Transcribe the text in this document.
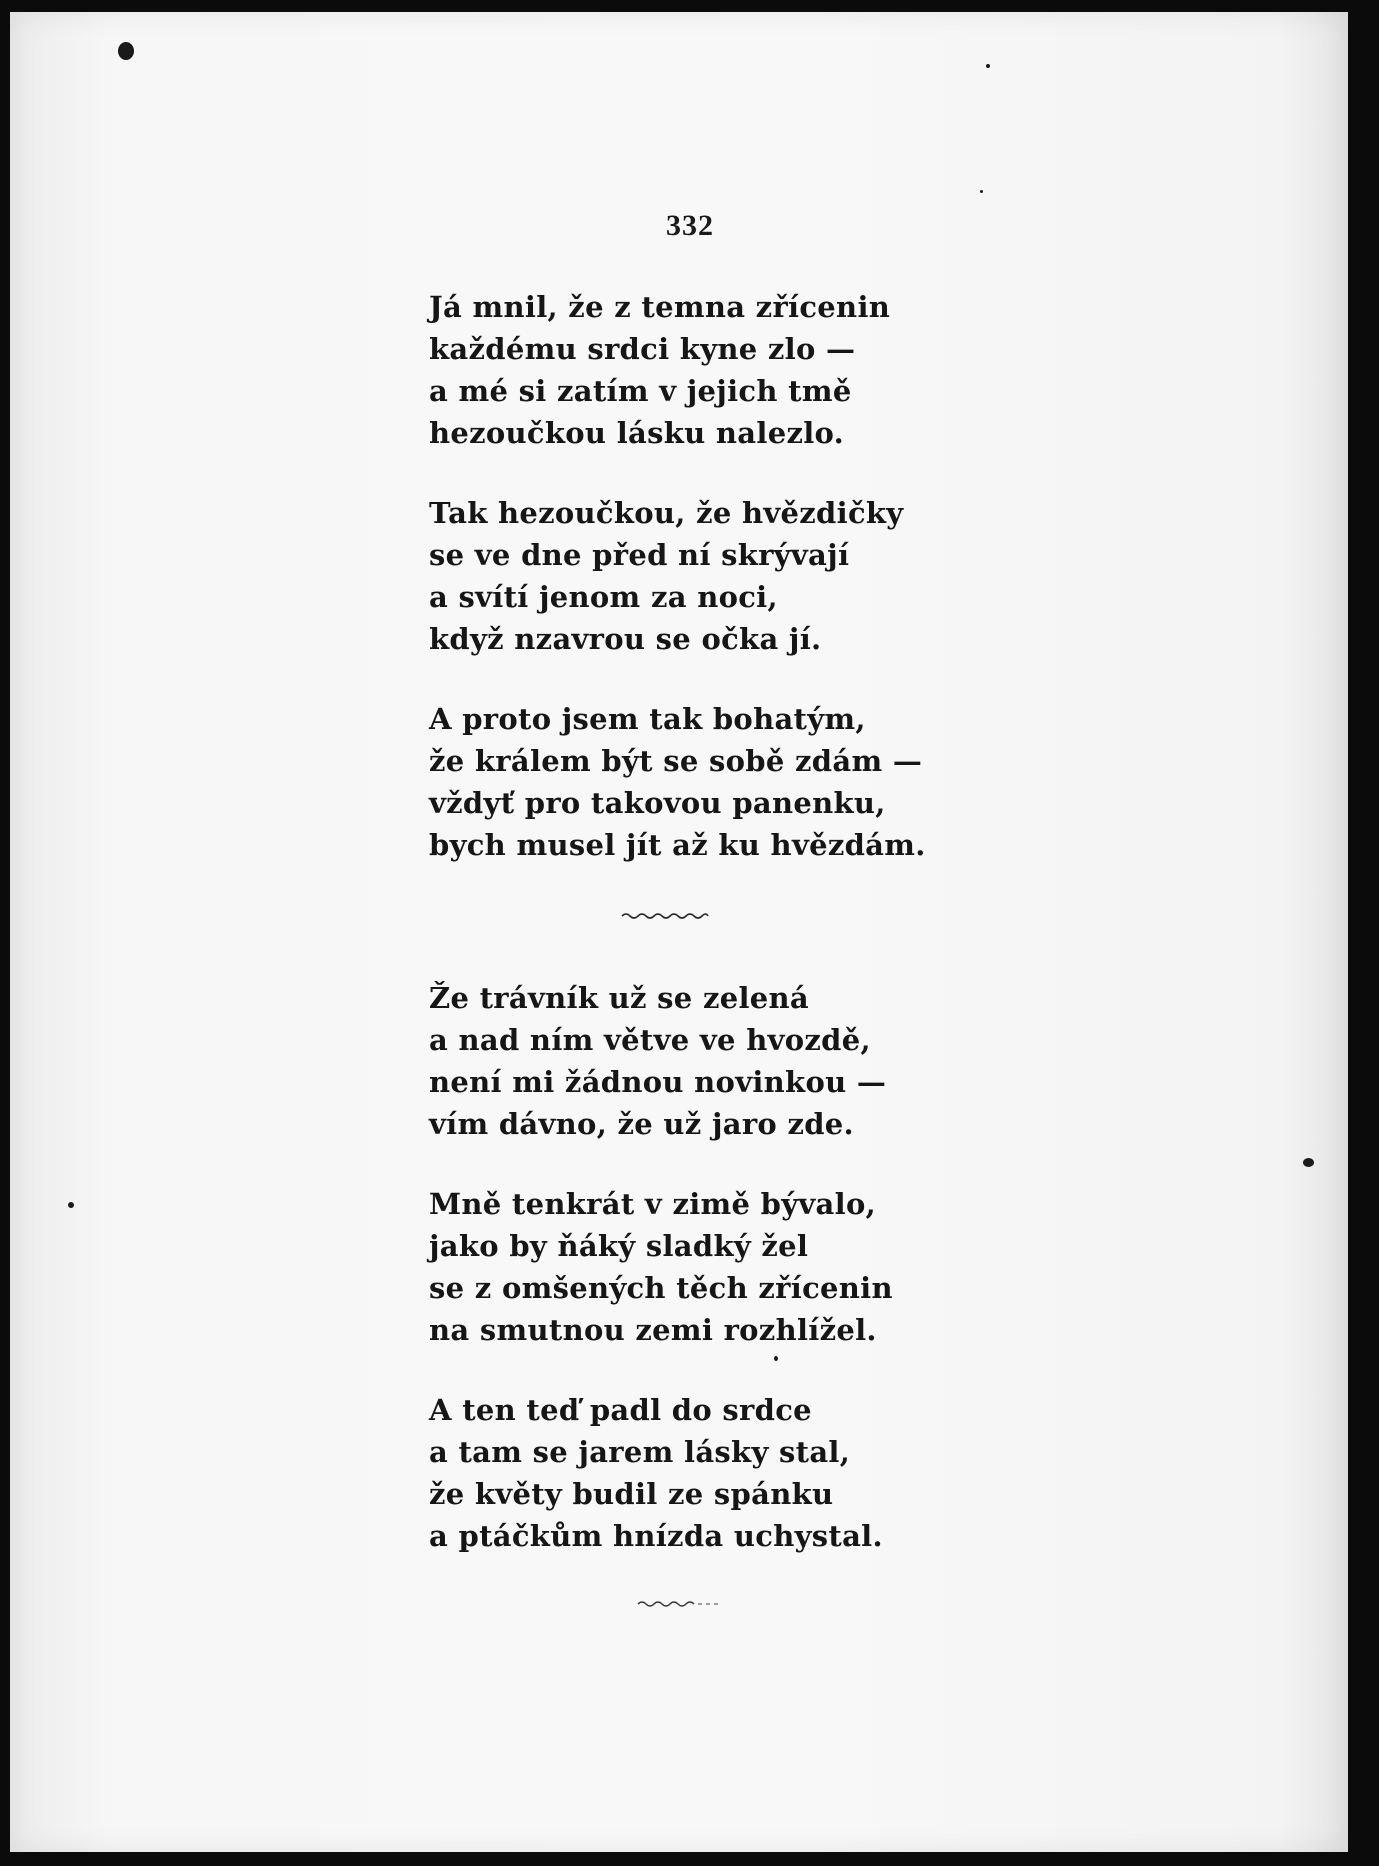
332
Já mnil, že z temna zřícenin
každému srdci kyne zlo —
a mé si zatím v jejich tmě
hezoučkou lásku nalezlo.
Tak hezoučkou, že hvězdičky
se ve dne před ní skrývají
a svítí jenom za noci,
když nzavrou se očka jí.
A proto jsem tak bohatým,
že králem být se sobě zdám —
vždyť pro takovou panenku,
bych musel jít až ku hvězdám.
Že trávník už se zelená
a nad ním větve ve hvozdě,
není mi žádnou novinkou —
vím dávno, že už jaro zde.
Mně tenkrát v zimě bývalo,
jako by ňáký sladký žel
se z omšených těch zřícenin
na smutnou zemi rozhlížel.
A ten teď padl do srdce
a tam se jarem lásky stal,
že květy budil ze spánku
a ptáčkům hnízda uchystal.
